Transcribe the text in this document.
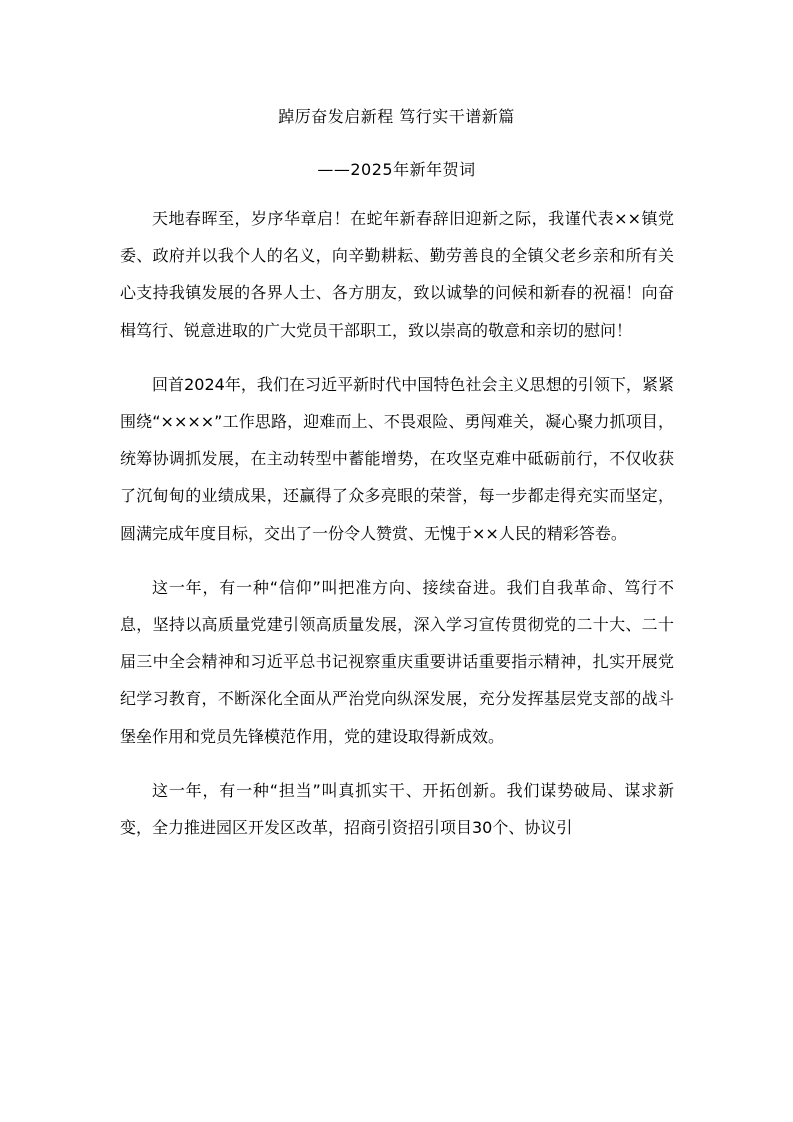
踔厉奋发启新程 笃行实干谱新篇
——2025年新年贺词

天地春晖至，岁序华章启！在蛇年新春辞旧迎新之际，我谨代表××镇党委、政府并以我个人的名义，向辛勤耕耘、勤劳善良的全镇父老乡亲和所有关心支持我镇发展的各界人士、各方朋友，致以诚挚的问候和新春的祝福！向奋楫笃行、锐意进取的广大党员干部职工，致以崇高的敬意和亲切的慰问！

回首2024年，我们在习近平新时代中国特色社会主义思想的引领下，紧紧围绕“××××”工作思路，迎难而上、不畏艰险、勇闯难关，凝心聚力抓项目，统筹协调抓发展，在主动转型中蓄能增势，在攻坚克难中砥砺前行，不仅收获了沉甸甸的业绩成果，还赢得了众多亮眼的荣誉，每一步都走得充实而坚定，圆满完成年度目标，交出了一份令人赞赏、无愧于××人民的精彩答卷。

这一年，有一种“信仰”叫把准方向、接续奋进。我们自我革命、笃行不息，坚持以高质量党建引领高质量发展，深入学习宣传贯彻党的二十大、二十届三中全会精神和习近平总书记视察重庆重要讲话重要指示精神，扎实开展党纪学习教育，不断深化全面从严治党向纵深发展，充分发挥基层党支部的战斗堡垒作用和党员先锋模范作用，党的建设取得新成效。

这一年，有一种“担当”叫真抓实干、开拓创新。我们谋势破局、谋求新变，全力推进园区开发区改革，招商引资招引项目30个、协议引
